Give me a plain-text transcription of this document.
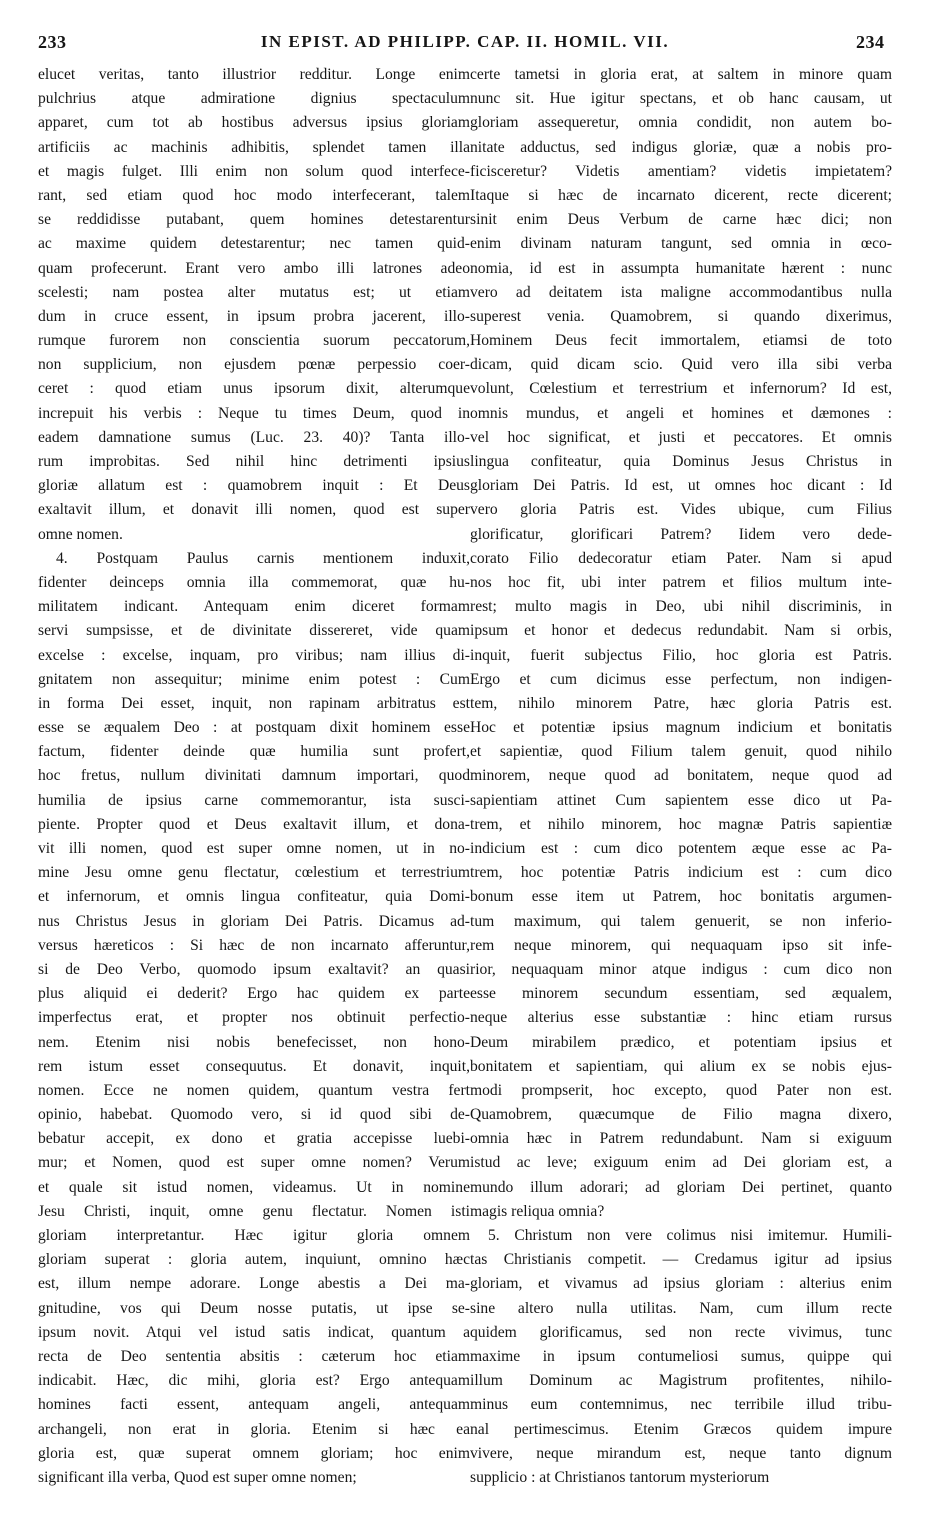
233	IN EPIST. AD PHILIPP. CAP. II. HOMIL. VII.	234
elucet veritas, tanto illustrior redditur. Longe enim
pulchrius atque admiratione dignius spectaculum
apparet, cum tot ab hostibus adversus ipsius gloriam
artificiis ac machinis adhibitis, splendet tamen illa
et magis fulget. Illi enim non solum quod interfece-
rant, sed etiam quod hoc modo interfecerant, talem
se reddidisse putabant, quem homines detestarentur
ac maxime quidem detestarentur; nec tamen quid-
quam profecerunt. Erant vero ambo illi latrones adeo
scelesti; nam postea alter mutatus est; ut etiam
dum in cruce essent, in ipsum probra jacerent, illo-
rumque furorem non conscientia suorum peccatorum,
non supplicium, non ejusdem pœnæ perpessio coer-
ceret : quod etiam unus ipsorum dixit, alterumque
increpuit his verbis : Neque tu times Deum, quod in
eadem damnatione sumus (Luc. 23. 40)? Tanta illo-
rum improbitas. Sed nihil hinc detrimenti ipsius
gloriæ allatum est : quamobrem inquit : Et Deus
exaltavit illum, et donavit illi nomen, quod est super
omne nomen.
4. Postquam Paulus carnis mentionem induxit,
fidenter deinceps omnia illa commemorat, quæ hu-
militatem indicant. Antequam enim diceret formam
servi sumpsisse, et de divinitate dissereret, vide quam
excelse : excelse, inquam, pro viribus; nam illius di-
gnitatem non assequitur; minime enim potest : Cum
in forma Dei esset, inquit, non rapinam arbitratus est
esse se æqualem Deo : at postquam dixit hominem esse
factum, fidenter deinde quæ humilia sunt profert,
hoc fretus, nullum divinitati damnum importari, quod
humilia de ipsius carne commemorantur, ista susci-
piente. Propter quod et Deus exaltavit illum, et dona-
vit illi nomen, quod est super omne nomen, ut in no-
mine Jesu omne genu flectatur, cœlestium et terrestrium
et infernorum, et omnis lingua confiteatur, quia Domi-
nus Christus Jesus in gloriam Dei Patris. Dicamus ad-
versus hæreticos : Si hæc de non incarnato afferuntur,
si de Deo Verbo, quomodo ipsum exaltavit? an quasi
plus aliquid ei dederit? Ergo hac quidem ex parte
imperfectus erat, et propter nos obtinuit perfectio-
nem. Etenim nisi nobis benefecisset, non hono-
rem istum esset consequutus. Et donavit, inquit,
nomen. Ecce ne nomen quidem, quantum vestra fert
opinio, habebat. Quomodo vero, si id quod sibi de-
bebatur accepit, ex dono et gratia accepisse luebi-
mur; et Nomen, quod est super omne nomen? Verum
et quale sit istud nomen, videamus. Ut in nomine
Jesu Christi, inquit, omne genu flectatur. Nomen isti
gloriam interpretantur. Hæc igitur gloria omnem
gloriam superat : gloria autem, inquiunt, omnino hæc
est, illum nempe adorare. Longe abestis a Dei ma-
gnitudine, vos qui Deum nosse putatis, ut ipse se-
ipsum novit. Atqui vel istud satis indicat, quantum a
recta de Deo sententia absitis : cæterum hoc etiam
indicabit. Hæc, dic mihi, gloria est? Ergo antequam
homines facti essent, antequam angeli, antequam
archangeli, non erat in gloria. Etenim si hæc ea
gloria est, quæ superat omnem gloriam; hoc enim
significant illa verba, Quod est super omne nomen;
certe tametsi in gloria erat, at saltem in minore quam
nunc sit. Hue igitur spectans, et ob hanc causam, ut
gloriam assequeretur, omnia condidit, non autem bo-
nitate adductus, sed indigus gloriæ, quæ a nobis pro-
ficisceretur? Videtis amentiam? videtis impietatem?
Itaque si hæc de incarnato dicerent, recte dicerent;
sinit enim Deus Verbum de carne hæc dici; non
enim divinam naturam tangunt, sed omnia in œco-
nomia, id est in assumpta humanitate hærent : nunc
vero ad deitatem ista maligne accommodantibus nulla
superest venia. Quamobrem, si quando dixerimus,
Hominem Deus fecit immortalem, etiamsi de toto
dicam, quid dicam scio. Quid vero illa sibi verba
volunt, Cœlestium et terrestrium et infernorum? Id est,
omnis mundus, et angeli et homines et dæmones :
vel hoc significat, et justi et peccatores. Et omnis
lingua confiteatur, quia Dominus Jesus Christus in
gloriam Dei Patris. Id est, ut omnes hoc dicant : Id
vero gloria Patris est. Vides ubique, cum Filius
glorificatur, glorificari Patrem? Iidem vero dede-
corato Filio dedecoratur etiam Pater. Nam si apud
nos hoc fit, ubi inter patrem et filios multum inte-
rest; multo magis in Deo, ubi nihil discriminis, in
ipsum et honor et dedecus redundabit. Nam si orbis,
inquit, fuerit subjectus Filio, hoc gloria est Patris.
Ergo et cum dicimus esse perfectum, non indigen-
tem, nihilo minorem Patre, hæc gloria Patris est.
Hoc et potentiæ ipsius magnum indicium et bonitatis
et sapientiæ, quod Filium talem genuit, quod nihilo
minorem, neque quod ad bonitatem, neque quod ad
sapientiam attinet Cum sapientem esse dico ut Pa-
trem, et nihilo minorem, hoc magnæ Patris sapientiæ
indicium est : cum dico potentem æque esse ac Pa-
trem, hoc potentiæ Patris indicium est : cum dico
bonum esse item ut Patrem, hoc bonitatis argumen-
tum maximum, qui talem genuerit, se non inferio-
rem neque minorem, qui nequaquam ipso sit infe-
rior, nequaquam minor atque indigus : cum dico non
esse minorem secundum essentiam, sed æqualem,
neque alterius esse substantiæ : hinc etiam rursus
Deum mirabilem prædico, et potentiam ipsius et
bonitatem et sapientiam, qui alium ex se nobis ejus-
modi prompserit, hoc excepto, quod Pater non est.
Quamobrem, quæcumque de Filio magna dixero,
omnia hæc in Patrem redundabunt. Nam si exiguum
istud ac leve; exiguum enim ad Dei gloriam est, a
mundo illum adorari; ad gloriam Dei pertinet, quanto
magis reliqua omnia?
5. Christum non vere colimus nisi imitemur. Humili-
tas Christianis competit. — Credamus igitur ad ipsius
gloriam, et vivamus ad ipsius gloriam : alterius enim
sine altero nulla utilitas. Nam, cum illum recte
quidem glorificamus, sed non recte vivimus, tunc
maxime in ipsum contumeliosi sumus, quippe qui
illum Dominum ac Magistrum profitentes, nihilo-
minus eum contemnimus, nec terribile illud tribu-
nal pertimescimus. Etenim Græcos quidem impure
vivere, neque mirandum est, neque tanto dignum
supplicio : at Christianos tantorum mysteriorum
